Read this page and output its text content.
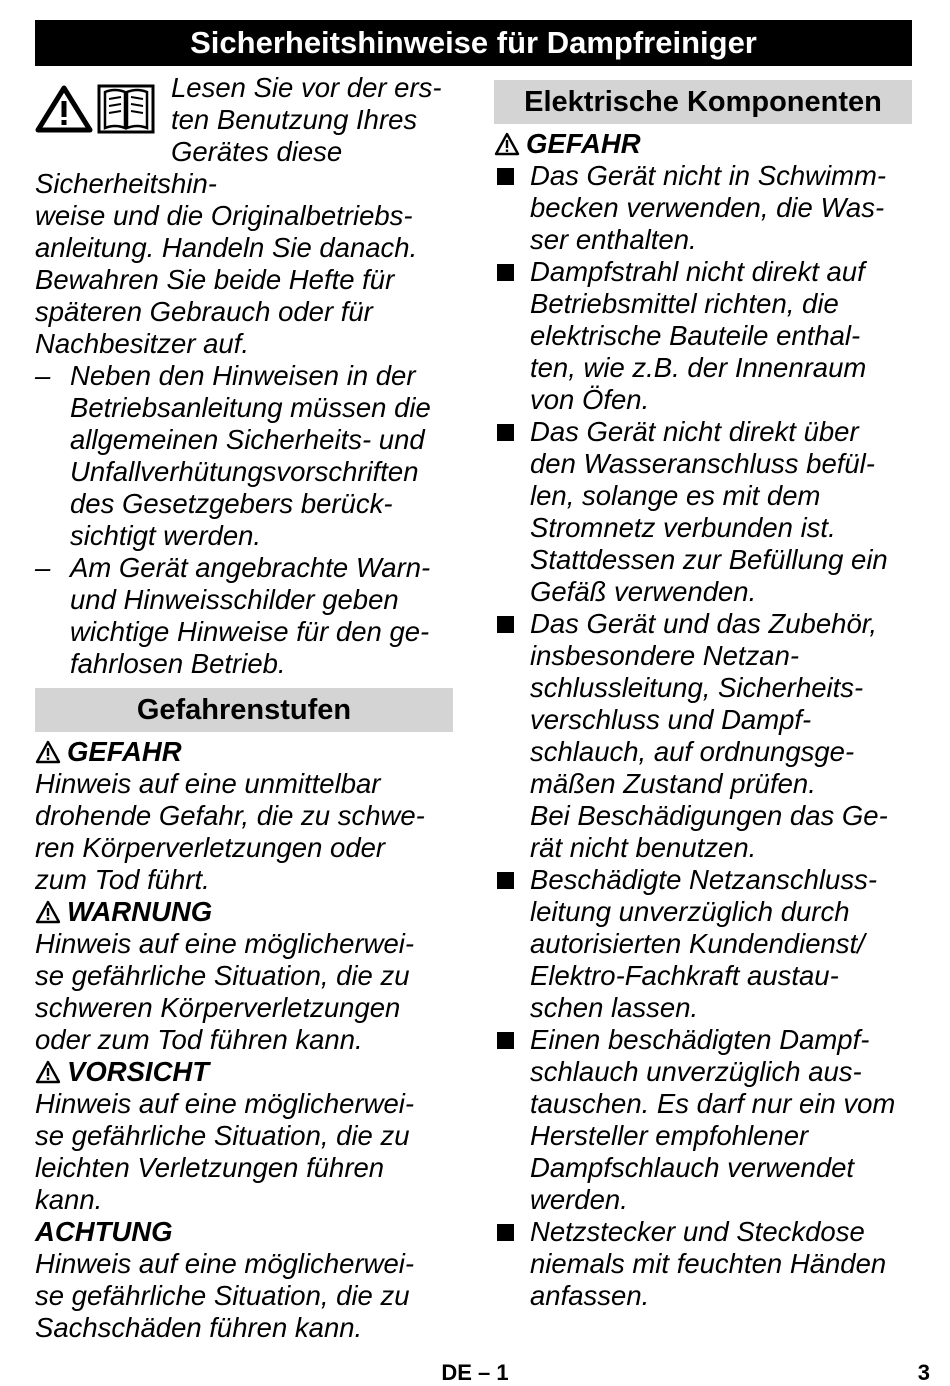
Sicherheitshinweise für Dampfreiniger

Lesen Sie vor der ers-
ten Benutzung Ihres
Gerätes diese Sicherheitshin-
weise und die Originalbetriebs-
anleitung. Handeln Sie danach.
Bewahren Sie beide Hefte für
späteren Gebrauch oder für
Nachbesitzer auf.

– Neben den Hinweisen in der
Betriebsanleitung müssen die
allgemeinen Sicherheits- und
Unfallverhütungsvorschriften
des Gesetzgebers berück-
sichtigt werden.

– Am Gerät angebrachte Warn-
und Hinweisschilder geben
wichtige Hinweise für den ge-
fahrlosen Betrieb.

Gefahrenstufen
GEFAHR

Hinweis auf eine unmittelbar
drohende Gefahr, die zu schwe-
ren Körperverletzungen oder
zum Tod führt.

WARNUNG

Hinweis auf eine möglicherwei-
se gefährliche Situation, die zu
schweren Körperverletzungen
oder zum Tod führen kann.

VORSICHT

Hinweis auf eine möglicherwei-
se gefährliche Situation, die zu
leichten Verletzungen führen
kann.

ACHTUNG

Hinweis auf eine möglicherwei-
se gefährliche Situation, die zu
Sachschäden führen kann.

Elektrische Komponenten
GEFAHR

Das Gerät nicht in Schwimm-
becken verwenden, die Was-
ser enthalten.

Dampfstrahl nicht direkt auf
Betriebsmittel richten, die
elektrische Bauteile enthal-
ten, wie z.B. der Innenraum
von Öfen.

Das Gerät nicht direkt über
den Wasseranschluss befül-
len, solange es mit dem
Stromnetz verbunden ist.
Stattdessen zur Befüllung ein
Gefäß verwenden.

Das Gerät und das Zubehör,
insbesondere Netzan-
schlussleitung, Sicherheits-
verschluss und Dampf-
schlauch, auf ordnungsge-
mäßen Zustand prüfen.
Bei Beschädigungen das Ge-
rät nicht benutzen.

Beschädigte Netzanschluss-
leitung unverzüglich durch
autorisierten Kundendienst/
Elektro-Fachkraft austau-
schen lassen.

Einen beschädigten Dampf-
schlauch unverzüglich aus-
tauschen. Es darf nur ein vom
Hersteller empfohlener
Dampfschlauch verwendet
werden.

Netzstecker und Steckdose
niemals mit feuchten Händen
anfassen.

DE – 1	3
